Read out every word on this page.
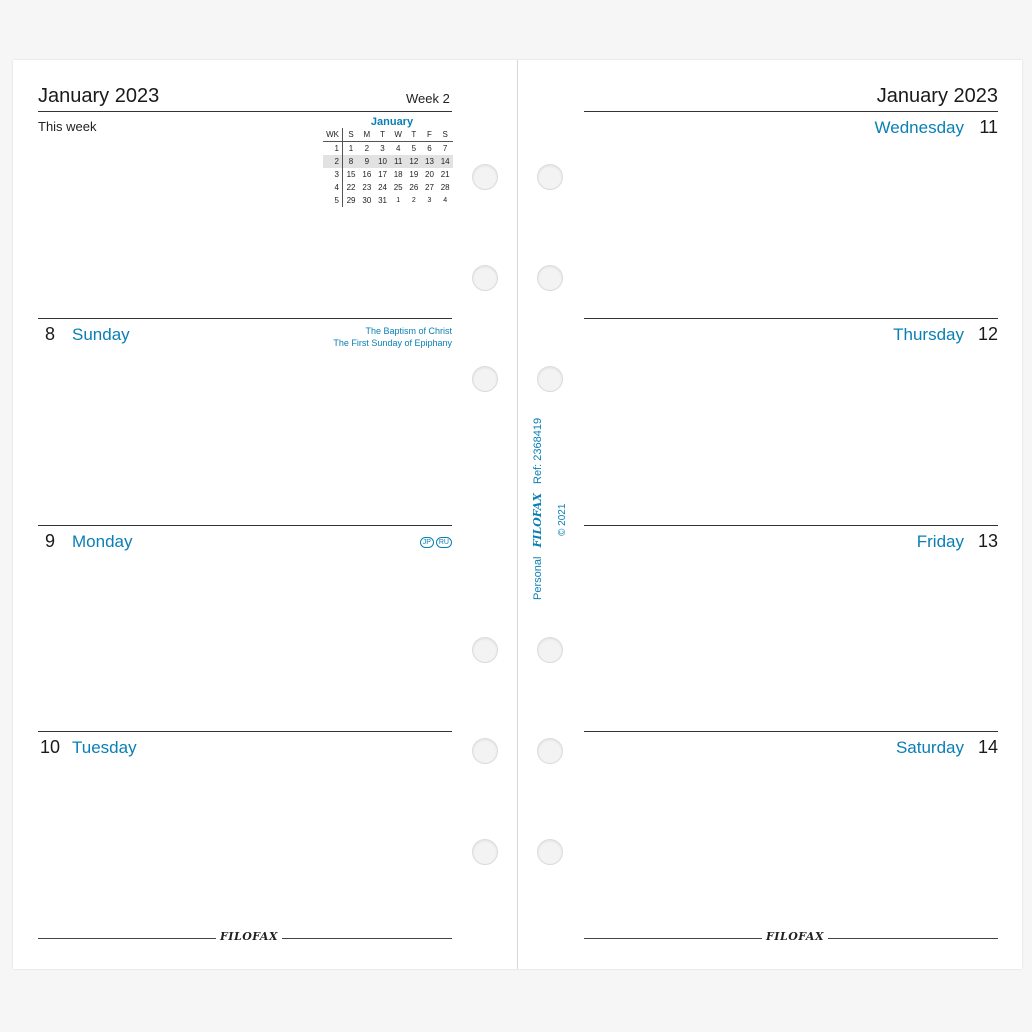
January 2023	Week 2
This week	January
WK	S	M	T	W	T	F	S
1	1	2	3	4	5	6	7
2	8	9	10	11	12	13	14
3	15	16	17	18	19	20	21
4	22	23	24	25	26	27	28
5	29	30	31	1	2	3	4
8 Sunday	The Baptism of Christ
The First Sunday of Epiphany
9 Monday	JP RU
10 Tuesday
FILOFAX
January 2023
Wednesday 11
Thursday 12
Friday 13
Saturday 14
FILOFAX
Personal FILOFAX Ref: 2368419
© 2021
